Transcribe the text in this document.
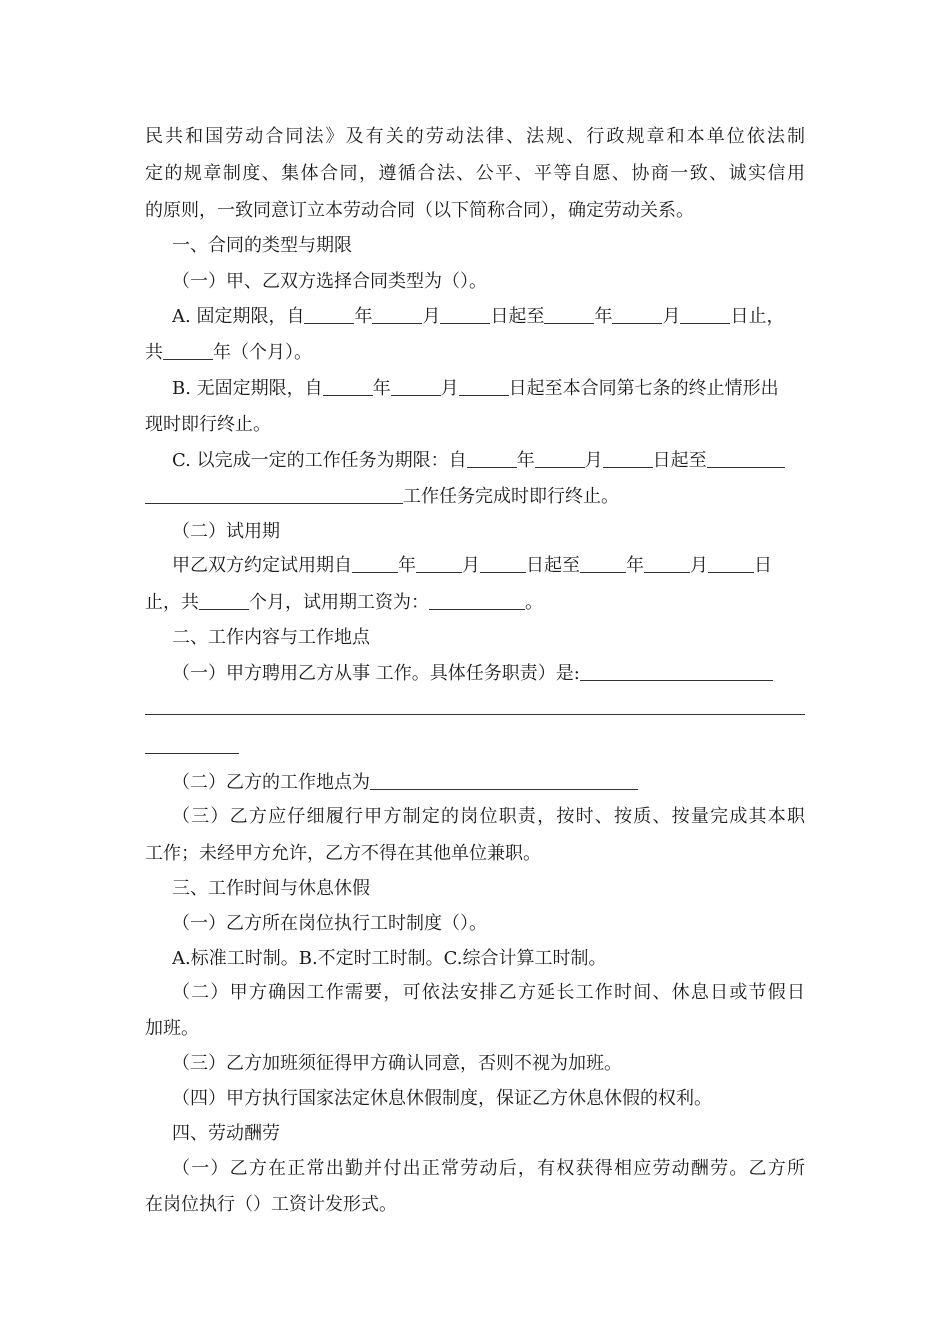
民共和国劳动合同法》及有关的劳动法律、法规、行政规章和本单位依法制
定的规章制度、集体合同，遵循合法、公平、平等自愿、协商一致、诚实信用
的原则，一致同意订立本劳动合同（以下简称合同），确定劳动关系。
一、合同的类型与期限
（一）甲、乙双方选择合同类型为（）。
A. 固定期限，自	年	月	日起至	年	月	日止，
共	年（个月）。
B. 无固定期限，自	年	月	日起至本合同第七条的终止情形出
现时即行终止。
C. 以完成一定的工作任务为期限：自	年	月	日起至
工作任务完成时即行终止。
（二）试用期
甲乙双方约定试用期自	年	月	日起至	年	月	日
止，共	个月，试用期工资为：	。
二、工作内容与工作地点
（一）甲方聘用乙方从事 工作。具体任务职责）是:
（二）乙方的工作地点为
（三）乙方应仔细履行甲方制定的岗位职责，按时、按质、按量完成其本职
工作；未经甲方允许，乙方不得在其他单位兼职。
三、工作时间与休息休假
（一）乙方所在岗位执行工时制度（）。
A.标准工时制。B.不定时工时制。C.综合计算工时制。
（二）甲方确因工作需要，可依法安排乙方延长工作时间、休息日或节假日
加班。
（三）乙方加班须征得甲方确认同意，否则不视为加班。
（四）甲方执行国家法定休息休假制度，保证乙方休息休假的权利。
四、劳动酬劳
（一）乙方在正常出勤并付出正常劳动后，有权获得相应劳动酬劳。乙方所
在岗位执行（）工资计发形式。
